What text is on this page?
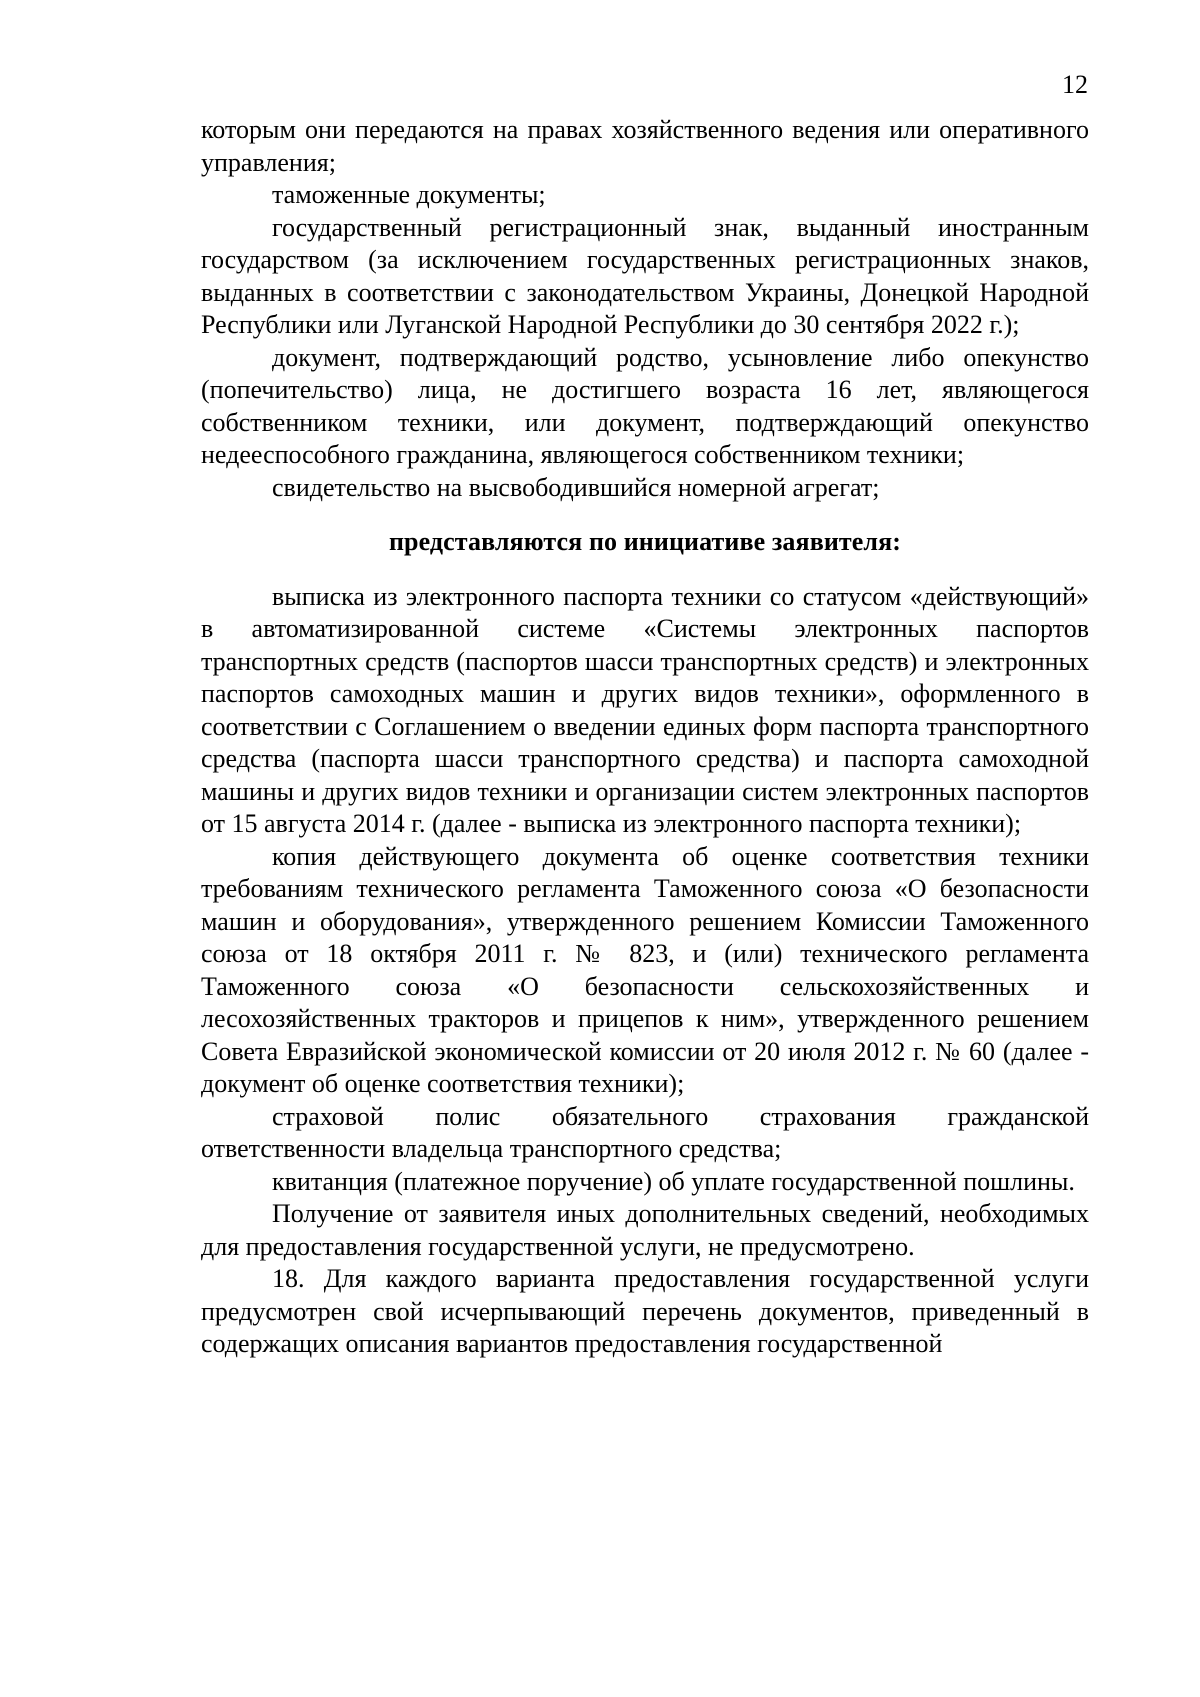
12

которым они передаются на правах хозяйственного ведения или оперативного управления;

таможенные документы;

государственный регистрационный знак, выданный иностранным государством (за исключением государственных регистрационных знаков, выданных в соответствии с законодательством Украины, Донецкой Народной Республики или Луганской Народной Республики до 30 сентября 2022 г.);

документ, подтверждающий родство, усыновление либо опекунство (попечительство) лица, не достигшего возраста 16 лет, являющегося собственником техники, или документ, подтверждающий опекунство недееспособного гражданина, являющегося собственником техники;

свидетельство на высвободившийся номерной агрегат;

представляются по инициативе заявителя:

выписка из электронного паспорта техники со статусом «действующий» в автоматизированной системе «Системы электронных паспортов транспортных средств (паспортов шасси транспортных средств) и электронных паспортов самоходных машин и других видов техники», оформленного в соответствии с Соглашением о введении единых форм паспорта транспортного средства (паспорта шасси транспортного средства) и паспорта самоходной машины и других видов техники и организации систем электронных паспортов от 15 августа 2014 г. (далее - выписка из электронного паспорта техники);

копия действующего документа об оценке соответствия техники требованиям технического регламента Таможенного союза «О безопасности машин и оборудования», утвержденного решением Комиссии Таможенного союза от 18 октября 2011 г. № 823, и (или) технического регламента Таможенного союза «О безопасности сельскохозяйственных и лесохозяйственных тракторов и прицепов к ним», утвержденного решением Совета Евразийской экономической комиссии от 20 июля 2012 г. № 60 (далее - документ об оценке соответствия техники);

страховой полис обязательного страхования гражданской ответственности владельца транспортного средства;

квитанция (платежное поручение) об уплате государственной пошлины.

Получение от заявителя иных дополнительных сведений, необходимых для предоставления государственной услуги, не предусмотрено.

18. Для каждого варианта предоставления государственной услуги предусмотрен свой исчерпывающий перечень документов, приведенный в содержащих описания вариантов предоставления государственной
